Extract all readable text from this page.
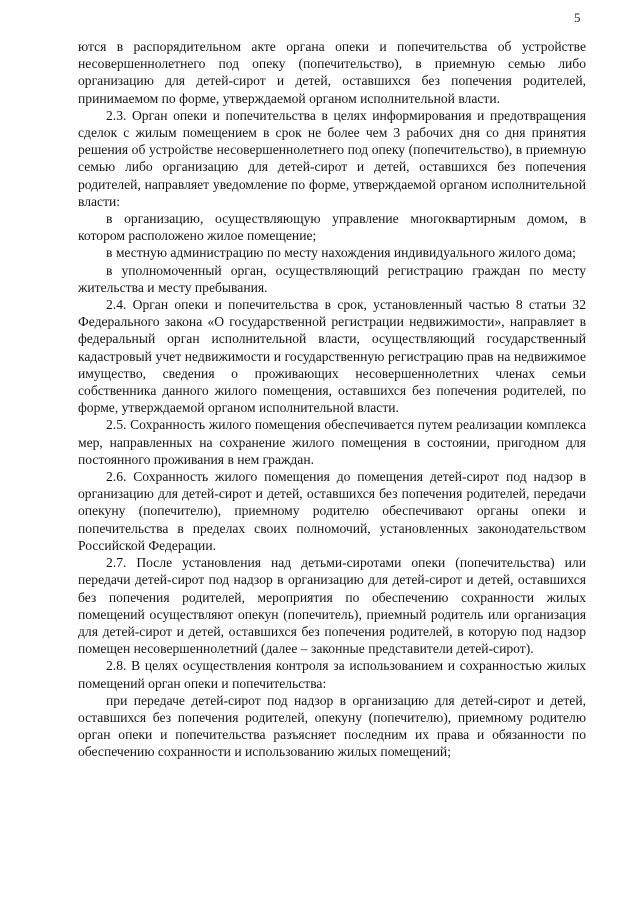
5

ются в распорядительном акте органа опеки и попечительства об устройстве несовершеннолетнего под опеку (попечительство), в приемную семью либо организацию для детей-сирот и детей, оставшихся без попечения родителей, принимаемом по форме, утверждаемой органом исполнительной власти.

2.3. Орган опеки и попечительства в целях информирования и предотвращения сделок с жилым помещением в срок не более чем 3 рабочих дня со дня принятия решения об устройстве несовершеннолетнего под опеку (попечительство), в приемную семью либо организацию для детей-сирот и детей, оставшихся без попечения родителей, направляет уведомление по форме, утверждаемой органом исполнительной власти:

в организацию, осуществляющую управление многоквартирным домом, в котором расположено жилое помещение;

в местную администрацию по месту нахождения индивидуального жилого дома;

в уполномоченный орган, осуществляющий регистрацию граждан по месту жительства и месту пребывания.

2.4. Орган опеки и попечительства в срок, установленный частью 8 статьи 32 Федерального закона «О государственной регистрации недвижимости», направляет в федеральный орган исполнительной власти, осуществляющий государственный кадастровый учет недвижимости и государственную регистрацию прав на недвижимое имущество, сведения о проживающих несовершеннолетних членах семьи собственника данного жилого помещения, оставшихся без попечения родителей, по форме, утверждаемой органом исполнительной власти.

2.5. Сохранность жилого помещения обеспечивается путем реализации комплекса мер, направленных на сохранение жилого помещения в состоянии, пригодном для постоянного проживания в нем граждан.

2.6. Сохранность жилого помещения до помещения детей-сирот под надзор в организацию для детей-сирот и детей, оставшихся без попечения родителей, передачи опекуну (попечителю), приемному родителю обеспечивают органы опеки и попечительства в пределах своих полномочий, установленных законодательством Российской Федерации.

2.7. После установления над детьми-сиротами опеки (попечительства) или передачи детей-сирот под надзор в организацию для детей-сирот и детей, оставшихся без попечения родителей, мероприятия по обеспечению сохранности жилых помещений осуществляют опекун (попечитель), приемный родитель или организация для детей-сирот и детей, оставшихся без попечения родителей, в которую под надзор помещен несовершеннолетний (далее – законные представители детей-сирот).

2.8. В целях осуществления контроля за использованием и сохранностью жилых помещений орган опеки и попечительства:

при передаче детей-сирот под надзор в организацию для детей-сирот и детей, оставшихся без попечения родителей, опекуну (попечителю), приемному родителю орган опеки и попечительства разъясняет последним их права и обязанности по обеспечению сохранности и использованию жилых помещений;
